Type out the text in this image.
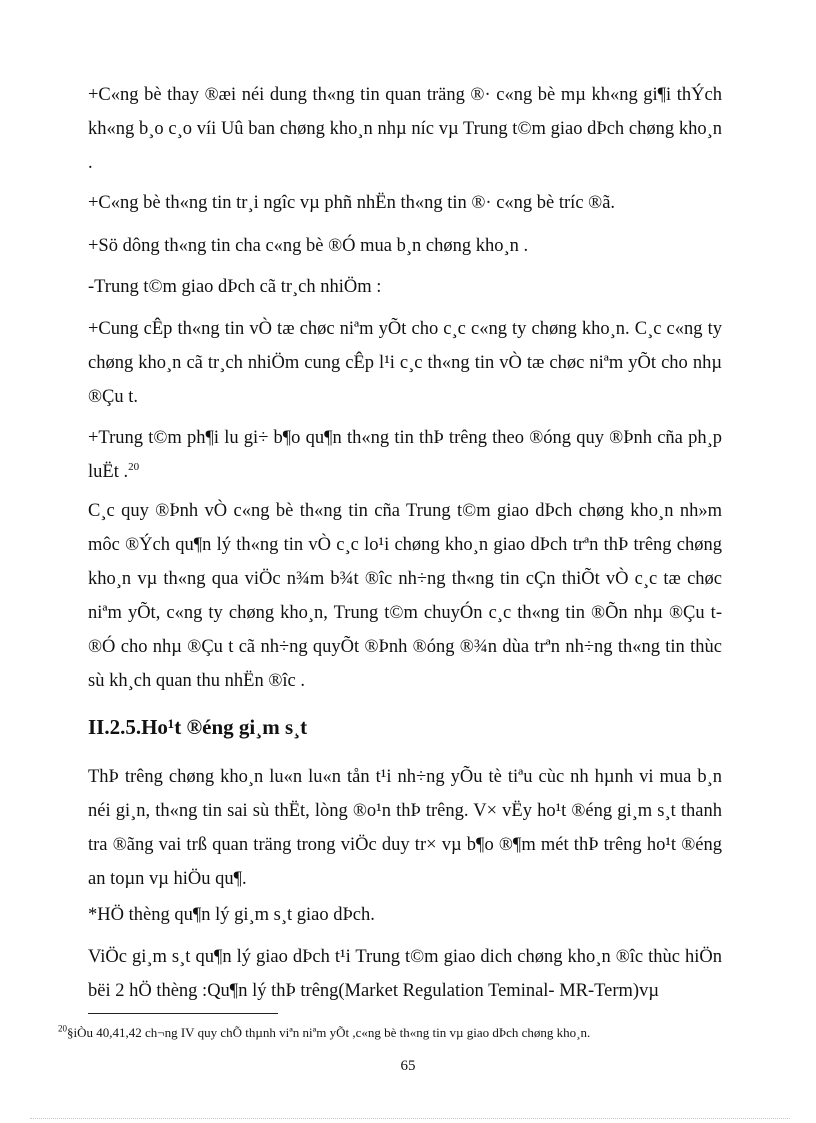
+C«ng bè thay ®æi néi dung th«ng tin quan träng ®· c«ng bè mµ kh«ng gi¶i thÝch kh«ng b¸o c¸o víi Uû ban chøng kho¸n nhµ níc vµ Trung t©m giao dÞch chøng kho¸n .

+C«ng bè th«ng tin tr¸i ngîc vµ phñ nhËn th«ng tin ®· c«ng bè tríc ®ã.

+Sö dông th«ng tin cha c«ng bè ®Ó mua b¸n chøng kho¸n .

-Trung t©m giao dÞch cã tr¸ch nhiÖm :

+Cung cÊp th«ng tin vÒ tæ chøc niªm yÕt cho c¸c c«ng ty chøng kho¸n. C¸c c«ng ty chøng kho¸n cã tr¸ch nhiÖm cung cÊp l¹i c¸c th«ng tin vÒ tæ chøc niªm yÕt cho nhµ ®Çu t.

+Trung t©m ph¶i lu gi÷ b¶o qu¶n th«ng tin thÞ trêng theo ®óng quy ®Þnh cña ph¸p luËt .$^{20}$

C¸c quy ®Þnh vÒ c«ng bè th«ng tin cña Trung t©m giao dÞch chøng kho¸n nh»m môc ®Ých qu¶n lý th«ng tin vÒ c¸c lo¹i chøng kho¸n giao dÞch trªn thÞ trêng chøng kho¸n vµ th«ng qua viÖc n¾m b¾t ®îc nh÷ng th«ng tin cÇn thiÕt vÒ c¸c tæ chøc niªm yÕt, c«ng ty chøng kho¸n, Trung t©m chuyÓn c¸c th«ng tin ®Õn nhµ ®Çu t ®Ó cho nhµ ®Çu t cã nh÷ng quyÕt ®Þnh ®óng ®¾n dùa trªn nh÷ng th«ng tin thùc sù kh¸ch quan thu nhËn ®îc .

II.2.5.Ho¹t ®éng gi¸m s¸t

ThÞ trêng chøng kho¸n lu«n lu«n tån t¹i nh÷ng yÕu tè tiªu cùc nh hµnh vi mua b¸n néi gi¸n, th«ng tin sai sù thËt, lòng ®o¹n thÞ trêng. V× vËy ho¹t ®éng gi¸m s¸t thanh tra ®ãng vai trß quan träng trong viÖc duy tr× vµ b¶o ®¶m mét thÞ trêng ho¹t ®éng an toµn vµ hiÖu qu¶.

*HÖ thèng qu¶n lý gi¸m s¸t giao dÞch.

ViÖc gi¸m s¸t qu¶n lý giao dÞch t¹i Trung t©m giao dich chøng kho¸n ®îc thùc hiÖn bëi 2 hÖ thèng :Qu¶n lý thÞ trêng(Market Regulation Teminal- MR-Term)vµ

$^{20}$§iÒu 40,41,42 ch¬ng IV quy chÕ thµnh viªn niªm yÕt ,c«ng bè th«ng tin vµ giao dÞch chøng kho¸n.

65
